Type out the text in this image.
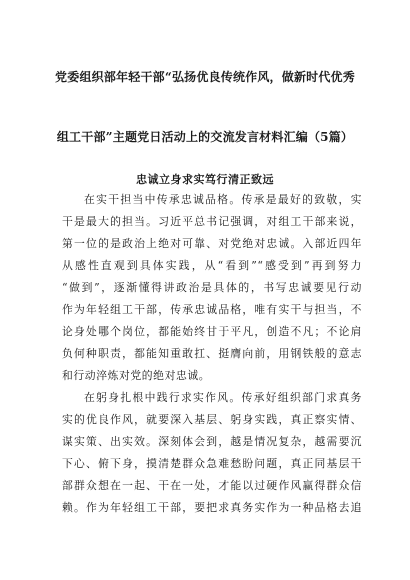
党委组织部年轻干部“弘扬优良传统作风，做新时代优秀
组工干部”主题党日活动上的交流发言材料汇编（5篇）
忠诚立身求实笃行清正致远
在实干担当中传承忠诚品格。传承是最好的致敬，实
干是最大的担当。习近平总书记强调，对组工干部来说，
第一位的是政治上绝对可靠、对党绝对忠诚。入部近四年
从感性直观到具体实践，从“看到”“感受到”再到努力
“做到”，逐渐懂得讲政治是具体的，书写忠诚要见行动
作为年轻组工干部，传承忠诚品格，唯有实干与担当，不
论身处哪个岗位，都能始终甘于平凡，创造不凡；不论肩
负何种职责，都能知重敢扛、挺膺向前，用钢铁般的意志
和行动淬炼对党的绝对忠诚。
在躬身扎根中践行求实作风。传承好组织部门求真务
实的优良作风，就要深入基层、躬身实践，真正察实情、
谋实策、出实效。深刻体会到，越是情况复杂，越需要沉
下心、俯下身，摸清楚群众急难愁盼问题，真正同基层干
部群众想在一起、干在一处，才能以过硬作风赢得群众信
赖。作为年轻组工干部，要把求真务实作为一种品格去追
